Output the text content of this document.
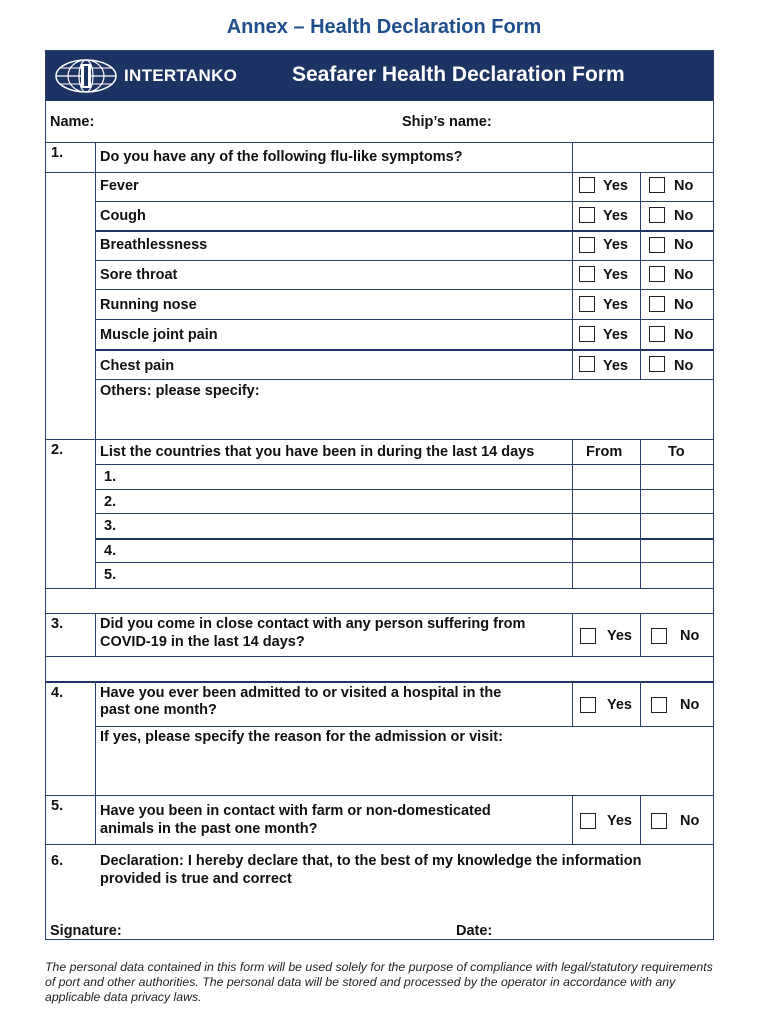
Annex – Health Declaration Form
INTERTANKO	Seafarer Health Declaration Form
Name:	Ship’s name:
1.	Do you have any of the following flu-like symptoms?
Fever	Yes	No
Cough	Yes	No
Breathlessness	Yes	No
Sore throat	Yes	No
Running nose	Yes	No
Muscle joint pain	Yes	No
Chest pain	Yes	No
Others: please specify:
2.	List the countries that you have been in during the last 14 days	From	To
1.
2.
3.
4.
5.
3.	Did you come in close contact with any person suffering from
COVID-19 in the last 14 days?	Yes	No
4.	Have you ever been admitted to or visited a hospital in the
past one month?	Yes	No
If yes, please specify the reason for the admission or visit:
5.	Have you been in contact with farm or non-domesticated
animals in the past one month?	Yes	No
6.	Declaration: I hereby declare that, to the best of my knowledge the information
provided is true and correct
Signature:	Date:
The personal data contained in this form will be used solely for the purpose of compliance with legal/statutory requirements of port and other authorities. The personal data will be stored and processed by the operator in accordance with any applicable data privacy laws.
